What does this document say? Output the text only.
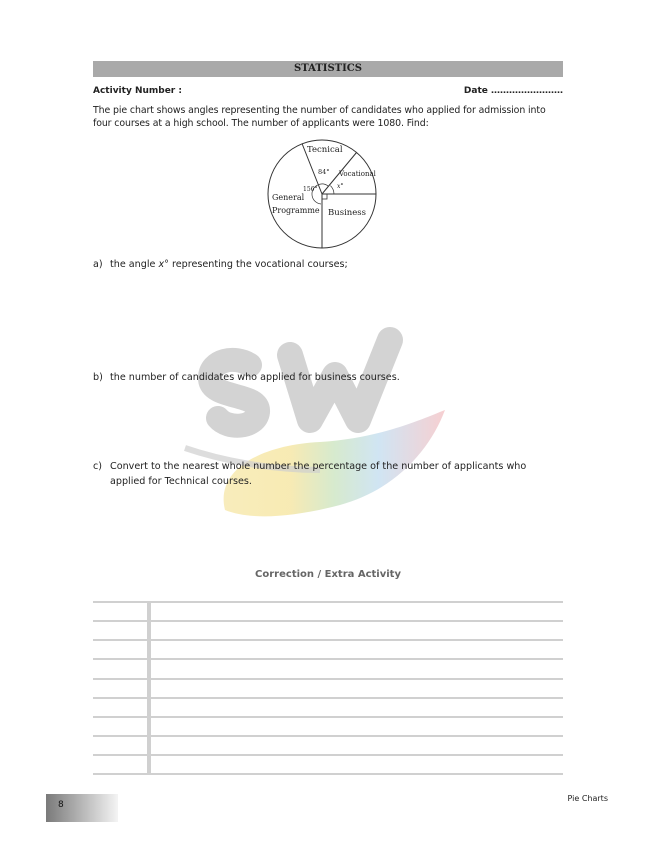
STATISTICS
Activity Number :	Date ……………………
The pie chart shows angles representing the number of candidates who applied for admission into
four courses at a high school. The number of applicants were 1080. Find:
Tecnical
Vocational
General
Programme Business
84°
156°	x°
a) the angle x° representing the vocational courses;
b) the number of candidates who applied for business courses.
c) Convert to the nearest whole number the percentage of the number of applicants who
applied for Technical courses.
Correction / Extra Activity
8
Pie Charts
